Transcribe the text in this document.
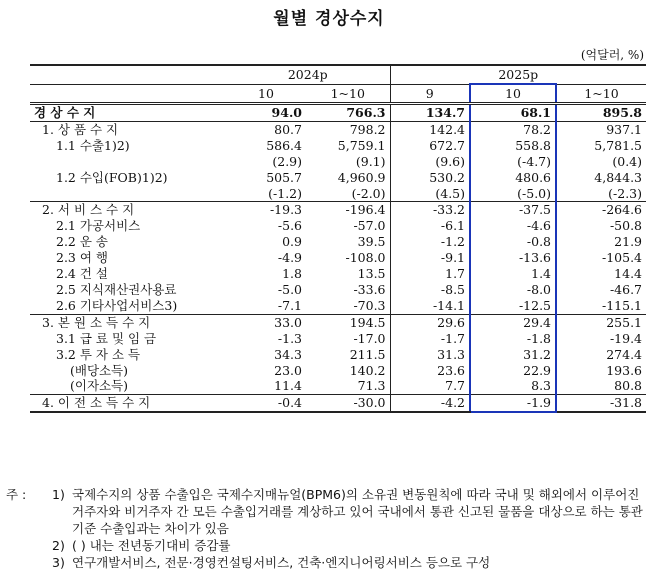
월별 경상수지
(억달러, %)
	2024p		2025p		
	10	1~10	9	10	1~10
경 상 수 지	94.0	766.3	134.7	68.1	895.8
1. 상 품 수 지	80.7	798.2	142.4	78.2	937.1
1.1 수출1)2)	586.4	5,759.1	672.7	558.8	5,781.5
	(2.9)	(9.1)	(9.6)	(-4.7)	(0.4)
1.2 수입(FOB)1)2)	505.7	4,960.9	530.2	480.6	4,844.3
	(-1.2)	(-2.0)	(4.5)	(-5.0)	(-2.3)
2. 서 비 스 수 지	-19.3	-196.4	-33.2	-37.5	-264.6
2.1 가공서비스	-5.6	-57.0	-6.1	-4.6	-50.8
2.2 운 송	0.9	39.5	-1.2	-0.8	21.9
2.3 여 행	-4.9	-108.0	-9.1	-13.6	-105.4
2.4 건 설	1.8	13.5	1.7	1.4	14.4
2.5 지식재산권사용료	-5.0	-33.6	-8.5	-8.0	-46.7
2.6 기타사업서비스3)	-7.1	-70.3	-14.1	-12.5	-115.1
3. 본 원 소 득 수 지	33.0	194.5	29.6	29.4	255.1
3.1 급 료 및 임 금	-1.3	-17.0	-1.7	-1.8	-19.4
3.2 투 자 소 득	34.3	211.5	31.3	31.2	274.4
(배당소득)	23.0	140.2	23.6	22.9	193.6
(이자소득)	11.4	71.3	7.7	8.3	80.8
4. 이 전 소 득 수 지	-0.4	-30.0	-4.2	-1.9	-31.8
주 :	1) 국제수지의 상품 수출입은 국제수지매뉴얼(BPM6)의 소유권 변동원칙에 따라 국내 및 해외에서 이루어진 거주자와 비거주자 간 모든 수출입거래를 계상하고 있어 국내에서 통관 신고된 물품을 대상으로 하는 통관기준 수출입과는 차이가 있음
2) ( ) 내는 전년동기대비 증감률
3) 연구개발서비스, 전문·경영컨설팅서비스, 건축·엔지니어링서비스 등으로 구성
